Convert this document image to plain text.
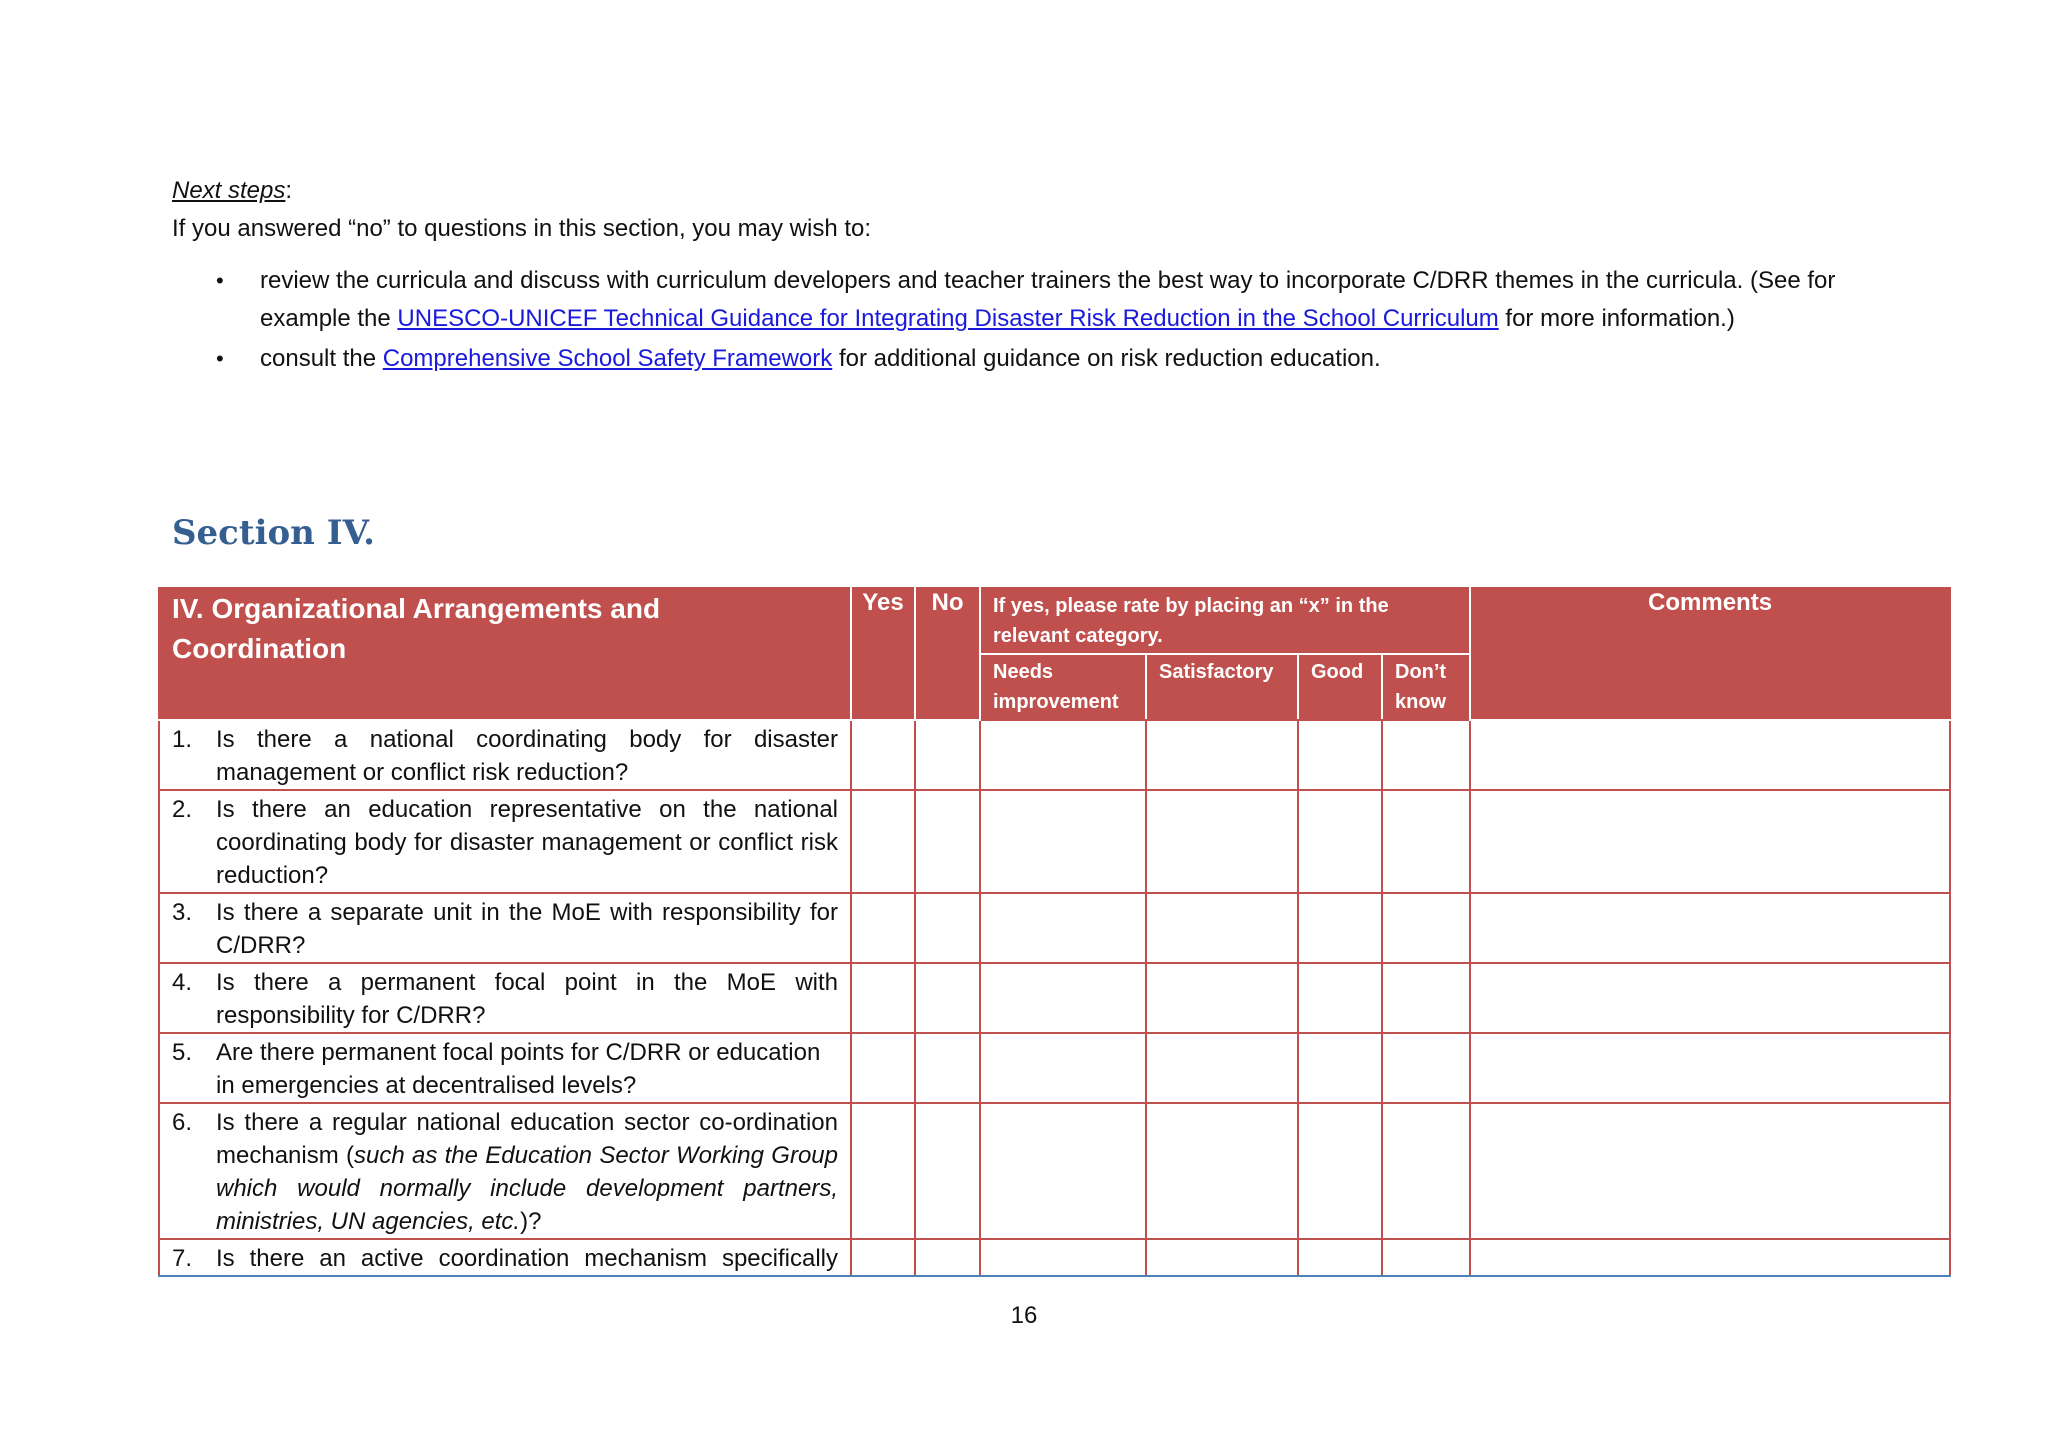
Next steps:

If you answered “no” to questions in this section, you may wish to:

• review the curricula and discuss with curriculum developers and teacher trainers the best way to incorporate C/DRR themes in the curricula. (See for example the UNESCO-UNICEF Technical Guidance for Integrating Disaster Risk Reduction in the School Curriculum for more information.)
• consult the Comprehensive School Safety Framework for additional guidance on risk reduction education.
Section IV.
IV. Organizational Arrangements and Coordination	Yes	No	If yes, please rate by placing an “x” in the relevant category.				Comments
			Needs improvement	Satisfactory	Good	Don’t know	

1. Is there a national coordinating body for disaster management or conflict risk reduction?							

2. Is there an education representative on the national coordinating body for disaster management or conflict risk reduction?							

3. Is there a separate unit in the MoE with responsibility for C/DRR?							

4. Is there a permanent focal point in the MoE with responsibility for C/DRR?							

5. Are there permanent focal points for C/DRR or education in emergencies at decentralised levels?							

6. Is there a regular national education sector co-ordination mechanism (such as the Education Sector Working Group which would normally include development partners, ministries, UN agencies, etc.)?							

7. Is there an active coordination mechanism specifically							

16
